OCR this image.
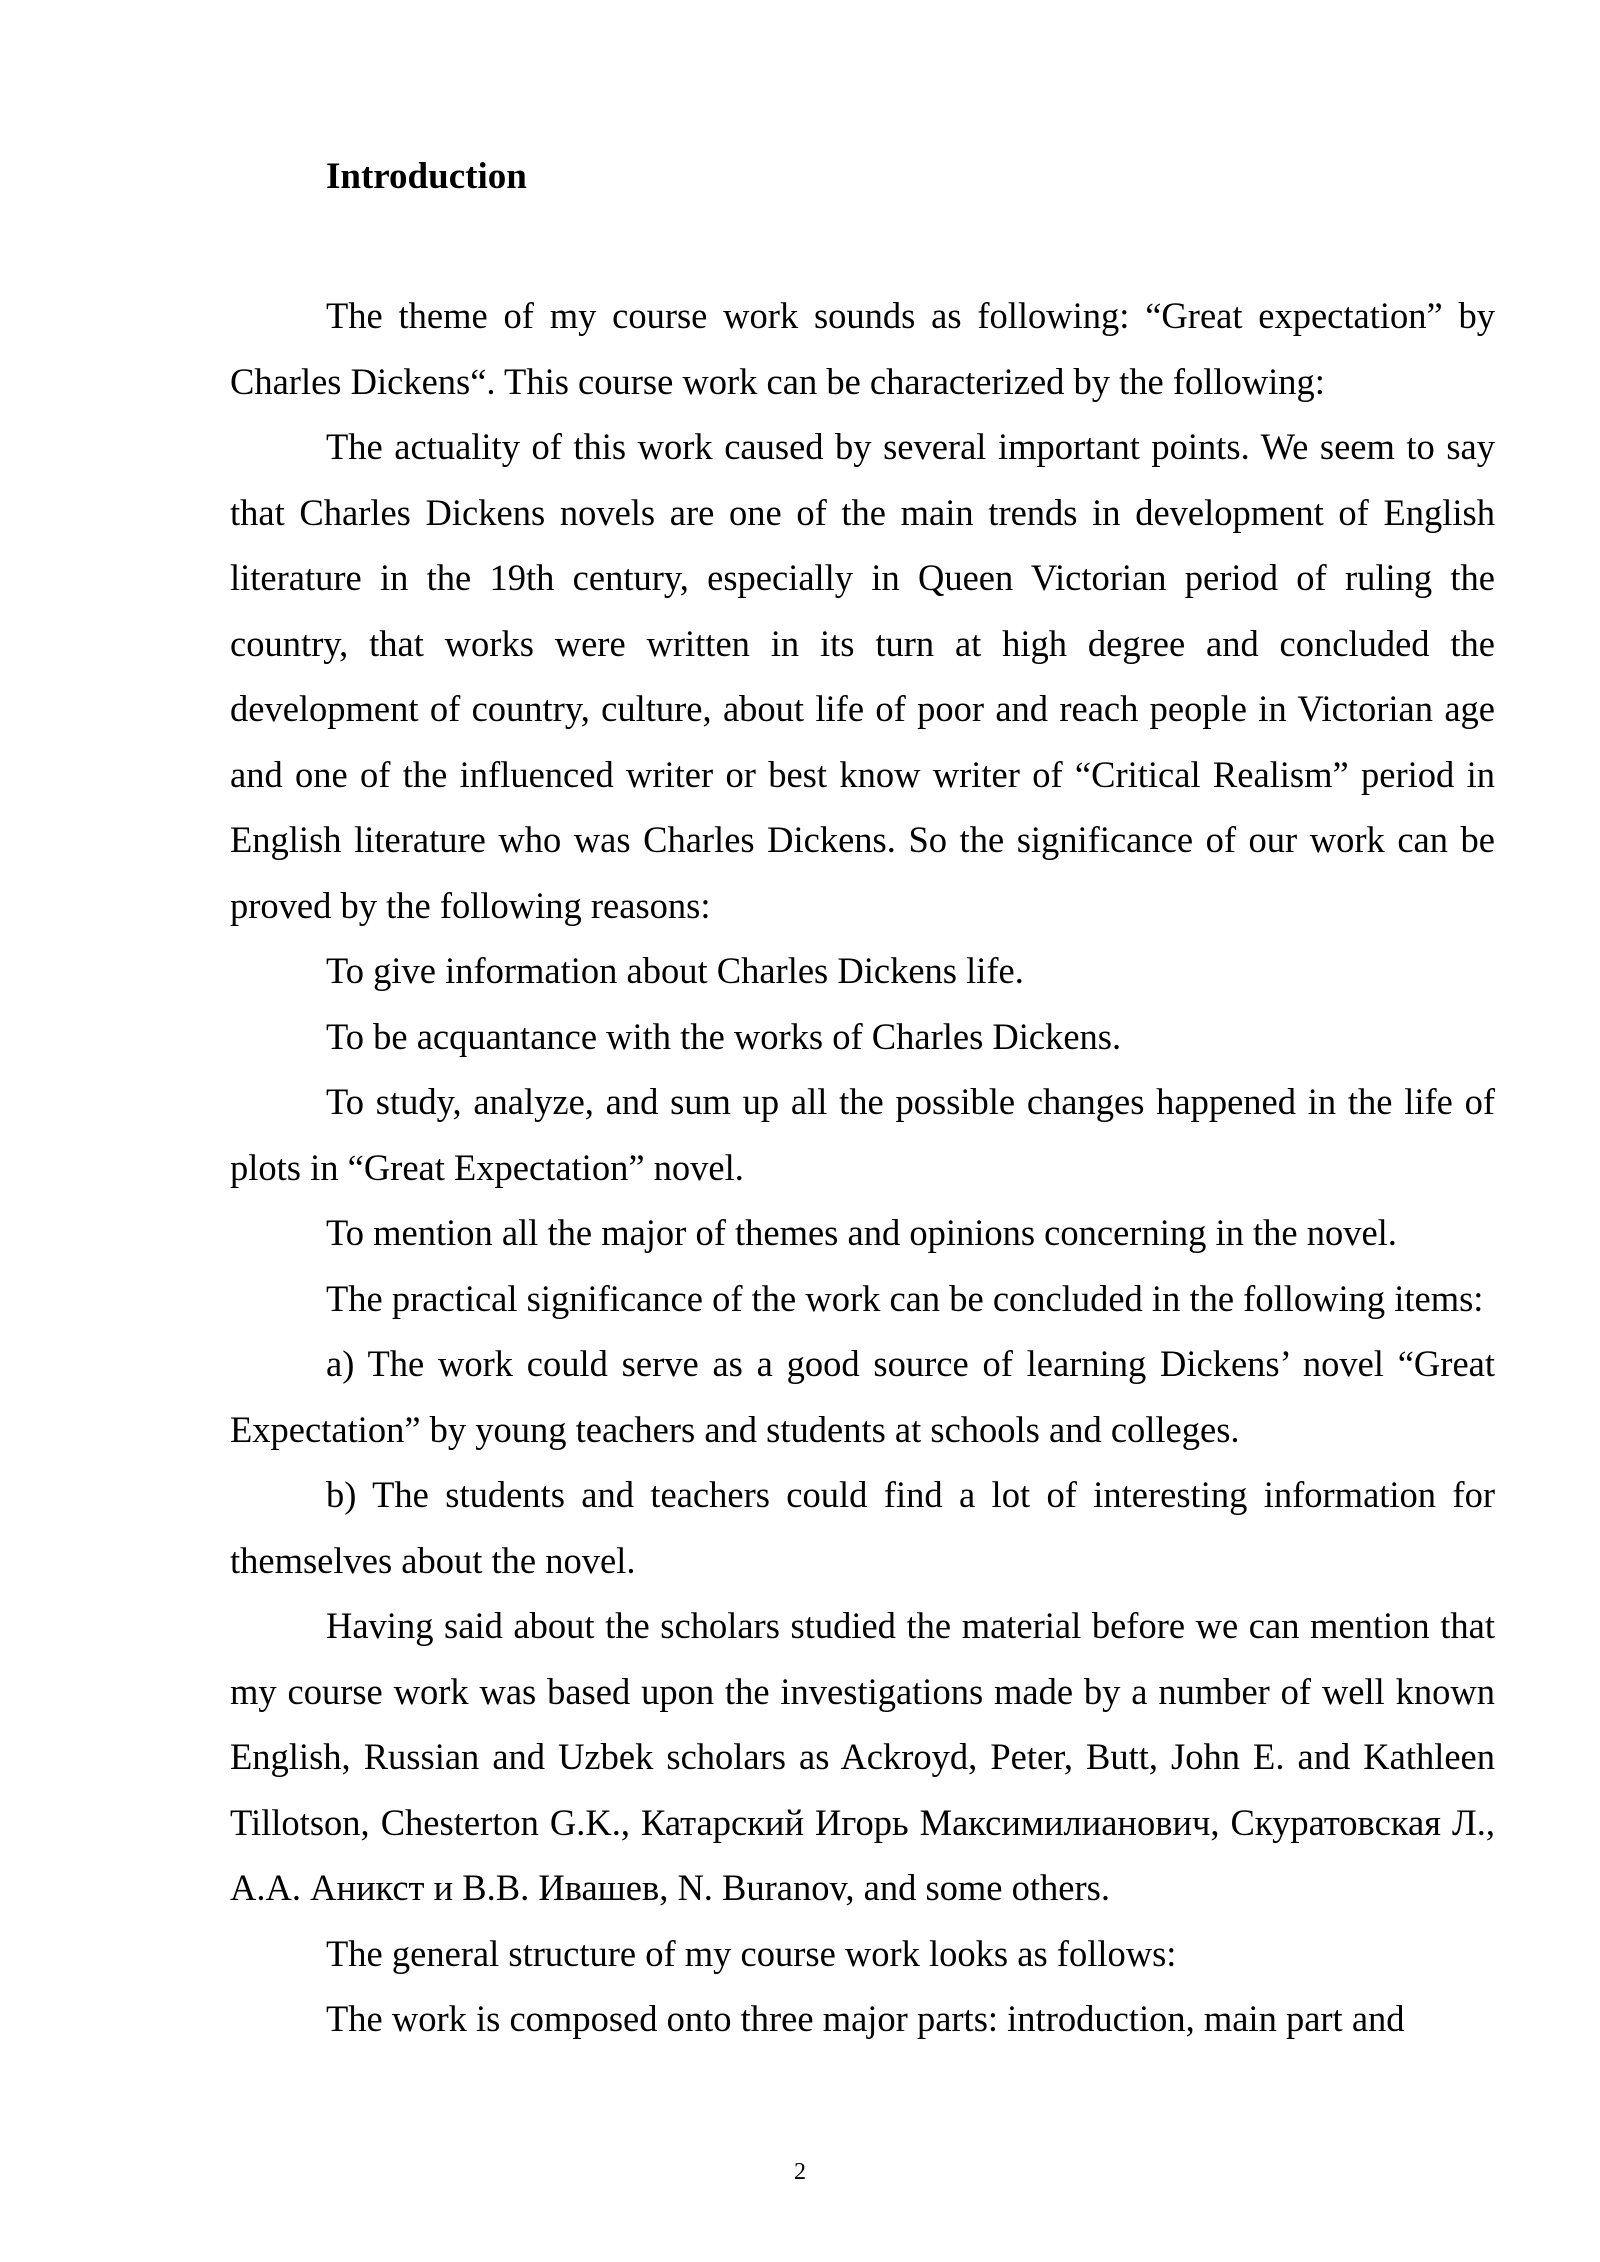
Introduction

The theme of my course work sounds as following: “Great expectation” by Charles Dickens“. This course work can be characterized by the following:

The actuality of this work caused by several important points. We seem to say that Charles Dickens novels are one of the main trends in development of English literature in the 19th century, especially in Queen Victorian period of ruling the country, that works were written in its turn at high degree and concluded the development of country, culture, about life of poor and reach people in Victorian age and one of the influenced writer or best know writer of “Critical Realism” period in English literature who was Charles Dickens. So the significance of our work can be proved by the following reasons:

To give information about Charles Dickens life.

To be acquantance with the works of Charles Dickens.

To study, analyze, and sum up all the possible changes happened in the life of plots in “Great Expectation” novel.

To mention all the major of themes and opinions concerning in the novel.

The practical significance of the work can be concluded in the following items:

a) The work could serve as a good source of learning Dickens’ novel “Great Expectation” by young teachers and students at schools and colleges.

b) The students and teachers could find a lot of interesting information for themselves about the novel.

Having said about the scholars studied the material before we can mention that my course work was based upon the investigations made by a number of well known English, Russian and Uzbek scholars as Ackroyd, Peter, Butt, John E. and Kathleen Tillotson, Chesterton G.K., Катарский Игорь Максимилианович, Скуратовская Л., А.А. Аникст и В.В. Ивашев, N. Buranov, and some others.

The general structure of my course work looks as follows:

The work is composed onto three major parts: introduction, main part and

2
